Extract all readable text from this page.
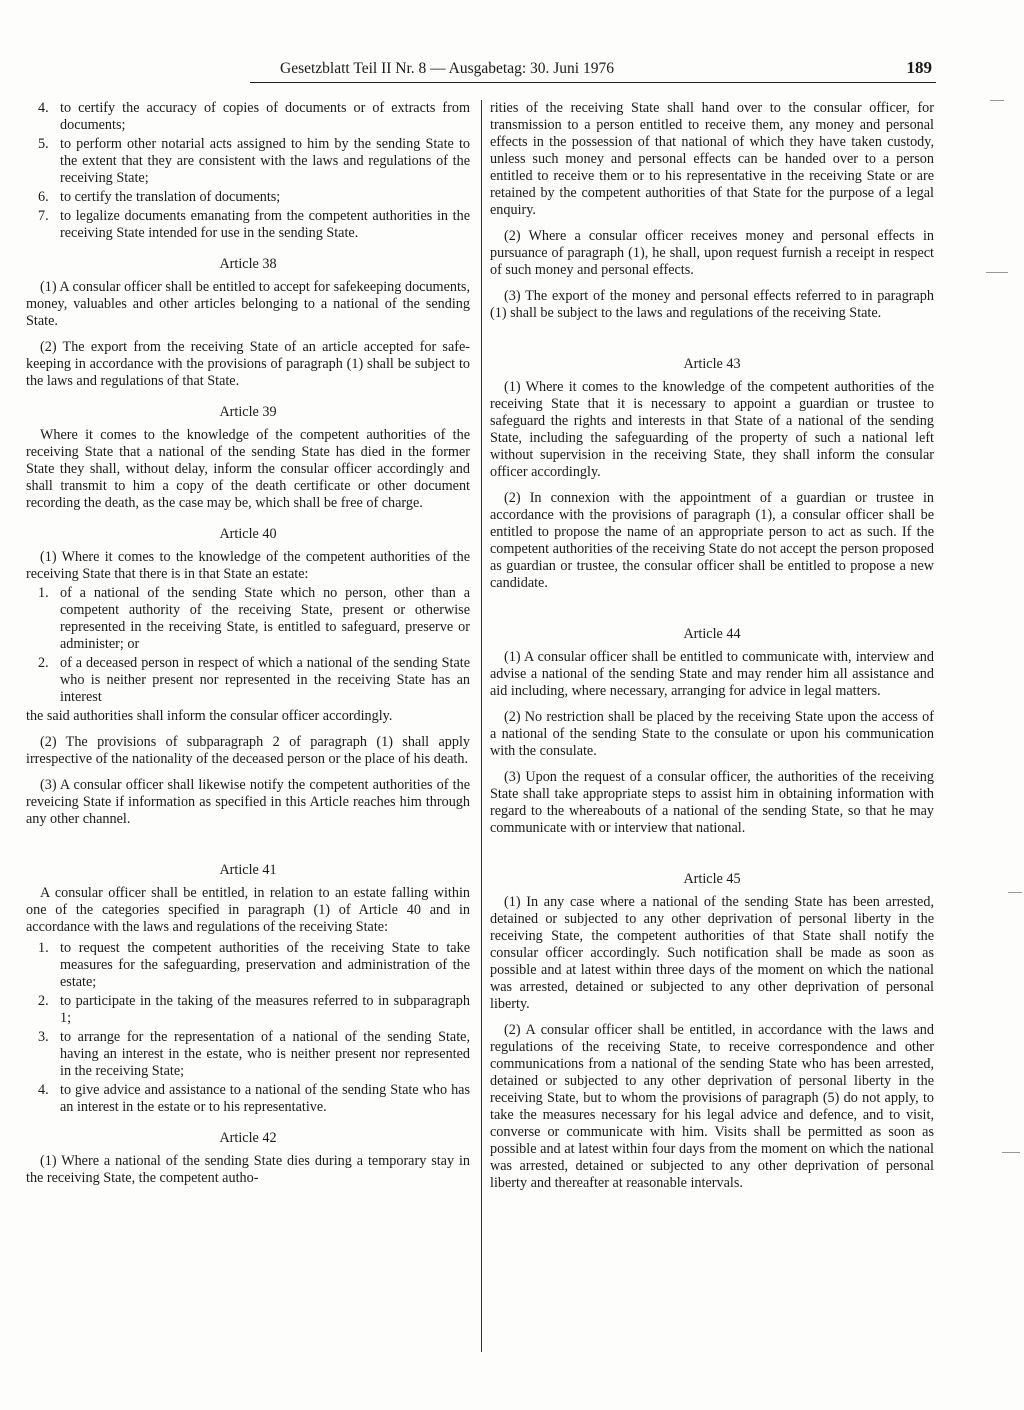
Gesetzblatt Teil II Nr. 8 — Ausgabetag: 30. Juni 1976	189
4. to certify the accuracy of copies of documents or of extracts from documents;
5. to perform other notarial acts assigned to him by the sending State to the extent that they are consistent with the laws and regulations of the receiving State;
6. to certify the translation of documents;
7. to legalize documents emanating from the competent authorities in the receiving State intended for use in the sending State.
Article 38

(1) A consular officer shall be entitled to accept for safekeeping documents, money, valuables and other articles belonging to a national of the sending State.

(2) The export from the receiving State of an article accepted for safe-keeping in accordance with the provisions of paragraph (1) shall be subject to the laws and regulations of that State.

Article 39

Where it comes to the knowledge of the competent authorities of the receiving State that a national of the sending State has died in the former State they shall, without delay, inform the consular officer accordingly and shall transmit to him a copy of the death certificate or other document recording the death, as the case may be, which shall be free of charge.

Article 40

(1) Where it comes to the knowledge of the competent authorities of the receiving State that there is in that State an estate:

1. of a national of the sending State which no person, other than a competent authority of the receiving State, present or otherwise represented in the receiving State, is entitled to safeguard, preserve or administer; or
2. of a deceased person in respect of which a national of the sending State who is neither present nor represented in the receiving State has an interest

the said authorities shall inform the consular officer accordingly.

(2) The provisions of subparagraph 2 of paragraph (1) shall apply irrespective of the nationality of the deceased person or the place of his death.

(3) A consular officer shall likewise notify the competent authorities of the reveicing State if information as specified in this Article reaches him through any other channel.

Article 41

A consular officer shall be entitled, in relation to an estate falling within one of the categories specified in paragraph (1) of Article 40 and in accordance with the laws and regulations of the receiving State:

1. to request the competent authorities of the receiving State to take measures for the safeguarding, preservation and administration of the estate;
2. to participate in the taking of the measures referred to in subparagraph 1;
3. to arrange for the representation of a national of the sending State, having an interest in the estate, who is neither present nor represented in the receiving State;
4. to give advice and assistance to a national of the sending State who has an interest in the estate or to his representative.
Article 42

(1) Where a national of the sending State dies during a temporary stay in the receiving State, the competent autho-

rities of the receiving State shall hand over to the consular officer, for transmission to a person entitled to receive them, any money and personal effects in the possession of that national of which they have taken custody, unless such money and personal effects can be handed over to a person entitled to receive them or to his representative in the receiving State or are retained by the competent authorities of that State for the purpose of a legal enquiry.

(2) Where a consular officer receives money and personal effects in pursuance of paragraph (1), he shall, upon request furnish a receipt in respect of such money and personal effects.

(3) The export of the money and personal effects referred to in paragraph (1) shall be subject to the laws and regulations of the receiving State.

Article 43

(1) Where it comes to the knowledge of the competent authorities of the receiving State that it is necessary to appoint a guardian or trustee to safeguard the rights and interests in that State of a national of the sending State, including the safeguarding of the property of such a national left without supervision in the receiving State, they shall inform the consular officer accordingly.

(2) In connexion with the appointment of a guardian or trustee in accordance with the provisions of paragraph (1), a consular officer shall be entitled to propose the name of an appropriate person to act as such. If the competent authorities of the receiving State do not accept the person proposed as guardian or trustee, the consular officer shall be entitled to propose a new candidate.

Article 44

(1) A consular officer shall be entitled to communicate with, interview and advise a national of the sending State and may render him all assistance and aid including, where necessary, arranging for advice in legal matters.

(2) No restriction shall be placed by the receiving State upon the access of a national of the sending State to the consulate or upon his communication with the consulate.

(3) Upon the request of a consular officer, the authorities of the receiving State shall take appropriate steps to assist him in obtaining information with regard to the whereabouts of a national of the sending State, so that he may communicate with or interview that national.

Article 45

(1) In any case where a national of the sending State has been arrested, detained or subjected to any other deprivation of personal liberty in the receiving State, the competent authorities of that State shall notify the consular officer accordingly. Such notification shall be made as soon as possible and at latest within three days of the moment on which the national was arrested, detained or subjected to any other deprivation of personal liberty.

(2) A consular officer shall be entitled, in accordance with the laws and regulations of the receiving State, to receive correspondence and other communications from a national of the sending State who has been arrested, detained or subjected to any other deprivation of personal liberty in the receiving State, but to whom the provisions of paragraph (5) do not apply, to take the measures necessary for his legal advice and defence, and to visit, converse or communicate with him. Visits shall be permitted as soon as possible and at latest within four days from the moment on which the national was arrested, detained or subjected to any other deprivation of personal liberty and thereafter at reasonable intervals.
